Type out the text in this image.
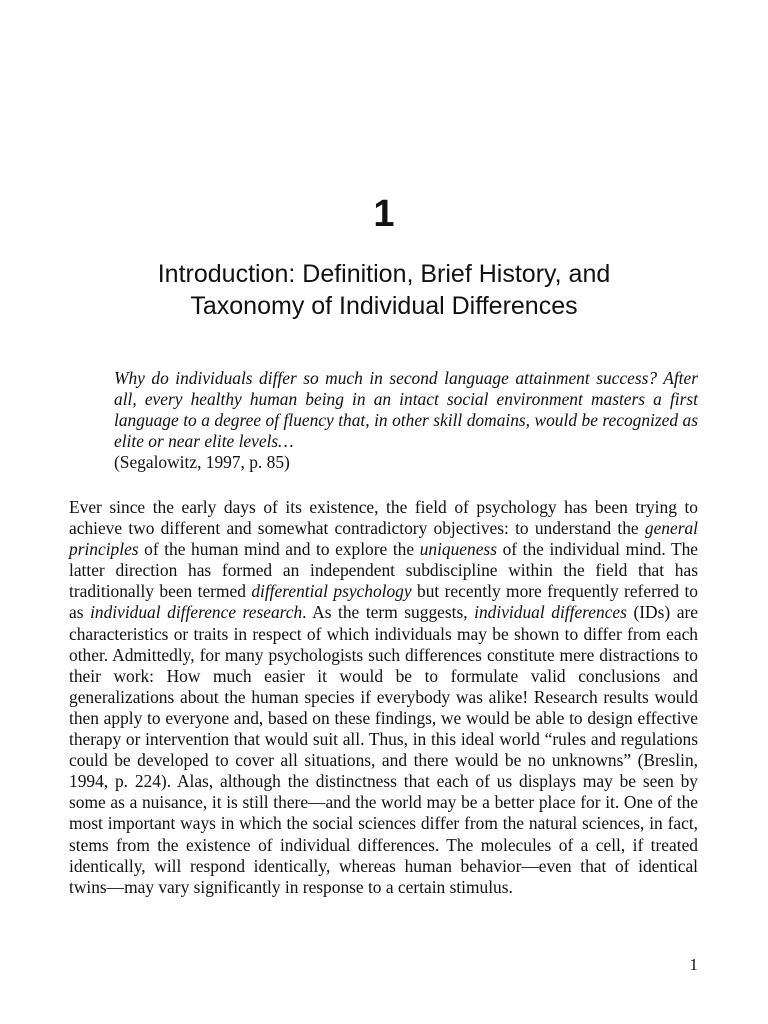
1
Introduction: Definition, Brief History, and
Taxonomy of Individual Differences
Why do individuals differ so much in second language attainment success? After all, every healthy human being in an intact social environment masters a first language to a degree of fluency that, in other skill domains, would be recognized as elite or near elite levels…
(Segalowitz, 1997, p. 85)

Ever since the early days of its existence, the field of psychology has been trying to achieve two different and somewhat contradictory objectives: to understand the general principles of the human mind and to explore the uniqueness of the individual mind. The latter direction has formed an independent subdiscipline within the field that has traditionally been termed differential psychology but recently more frequently referred to as individual difference research. As the term suggests, individual differences (IDs) are characteristics or traits in respect of which individuals may be shown to differ from each other. Admittedly, for many psychologists such differences constitute mere distractions to their work: How much easier it would be to formulate valid conclusions and generalizations about the human species if everybody was alike! Research results would then apply to everyone and, based on these findings, we would be able to design effective therapy or intervention that would suit all. Thus, in this ideal world “rules and regulations could be developed to cover all situations, and there would be no unknowns” (Breslin, 1994, p. 224). Alas, although the distinctness that each of us displays may be seen by some as a nuisance, it is still there—and the world may be a better place for it. One of the most important ways in which the social sciences differ from the natural sciences, in fact, stems from the existence of individual differences. The molecules of a cell, if treated identically, will respond identically, whereas human behavior—even that of identical twins—may vary significantly in response to a certain stimulus.

1
